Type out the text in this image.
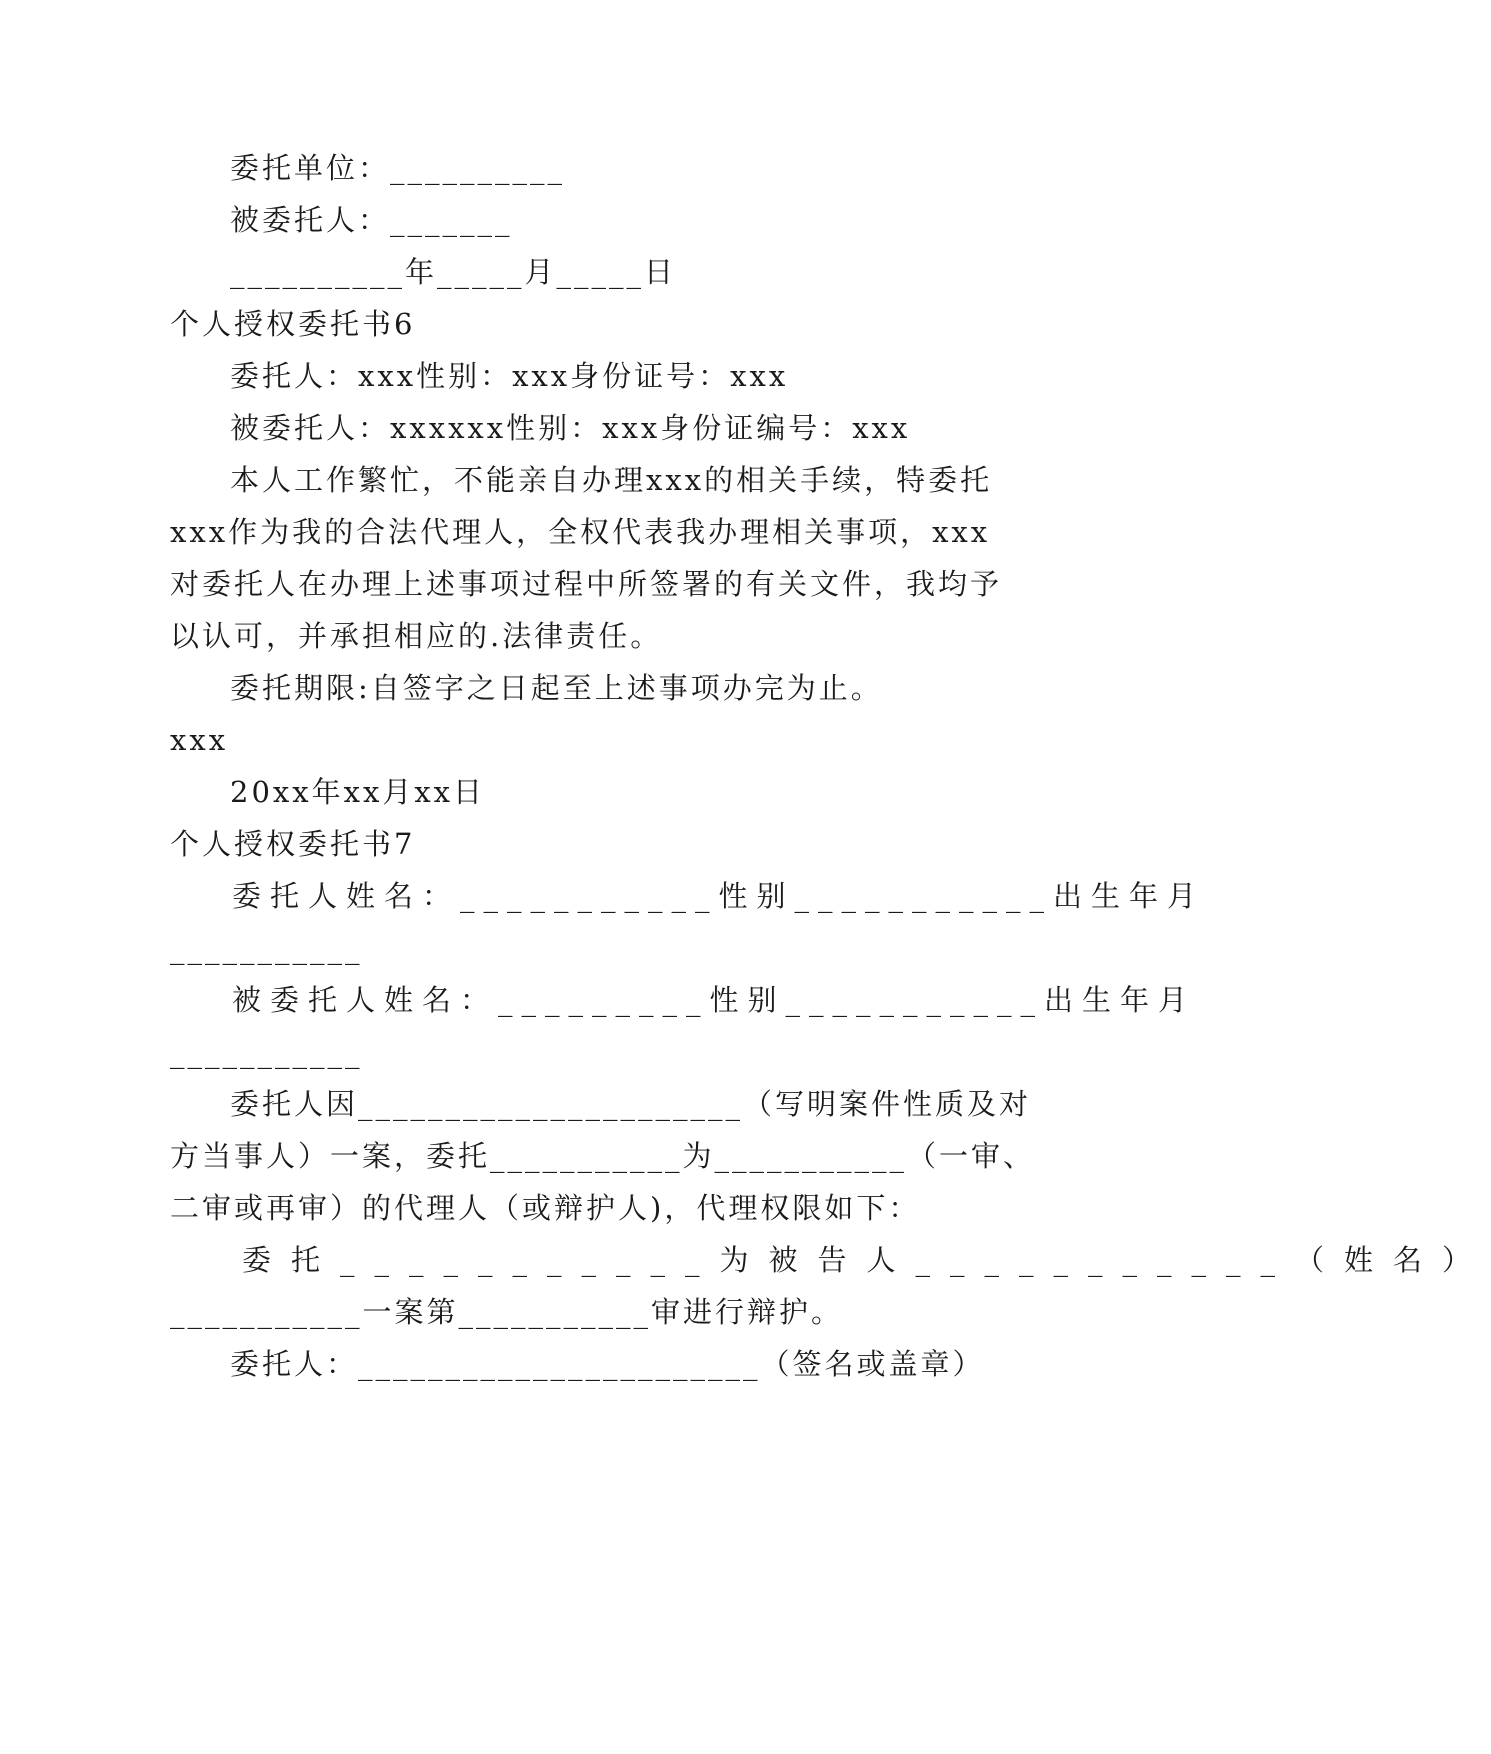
委托单位：__________
被委托人：_______
__________年_____月_____日
个人授权委托书6
委托人：xxx性别：xxx身份证号：xxx
被委托人：xxxxxx性别：xxx身份证编号：xxx
本人工作繁忙，不能亲自办理xxx的相关手续，特委托
xxx作为我的合法代理人，全权代表我办理相关事项，xxx
对委托人在办理上述事项过程中所签署的有关文件，我均予
以认可，并承担相应的.法律责任。
委托期限:自签字之日起至上述事项办完为止。
xxx
20xx年xx月xx日
个人授权委托书7
委托人姓名：___________性别___________出生年月
___________
被委托人姓名：_________性别___________出生年月
___________
委托人因______________________（写明案件性质及对
方当事人）一案，委托___________为___________（一审、
二审或再审）的代理人（或辩护人)，代理权限如下：
委托___________为被告人___________（姓名）
___________一案第___________审进行辩护。
委托人：_______________________（签名或盖章）
